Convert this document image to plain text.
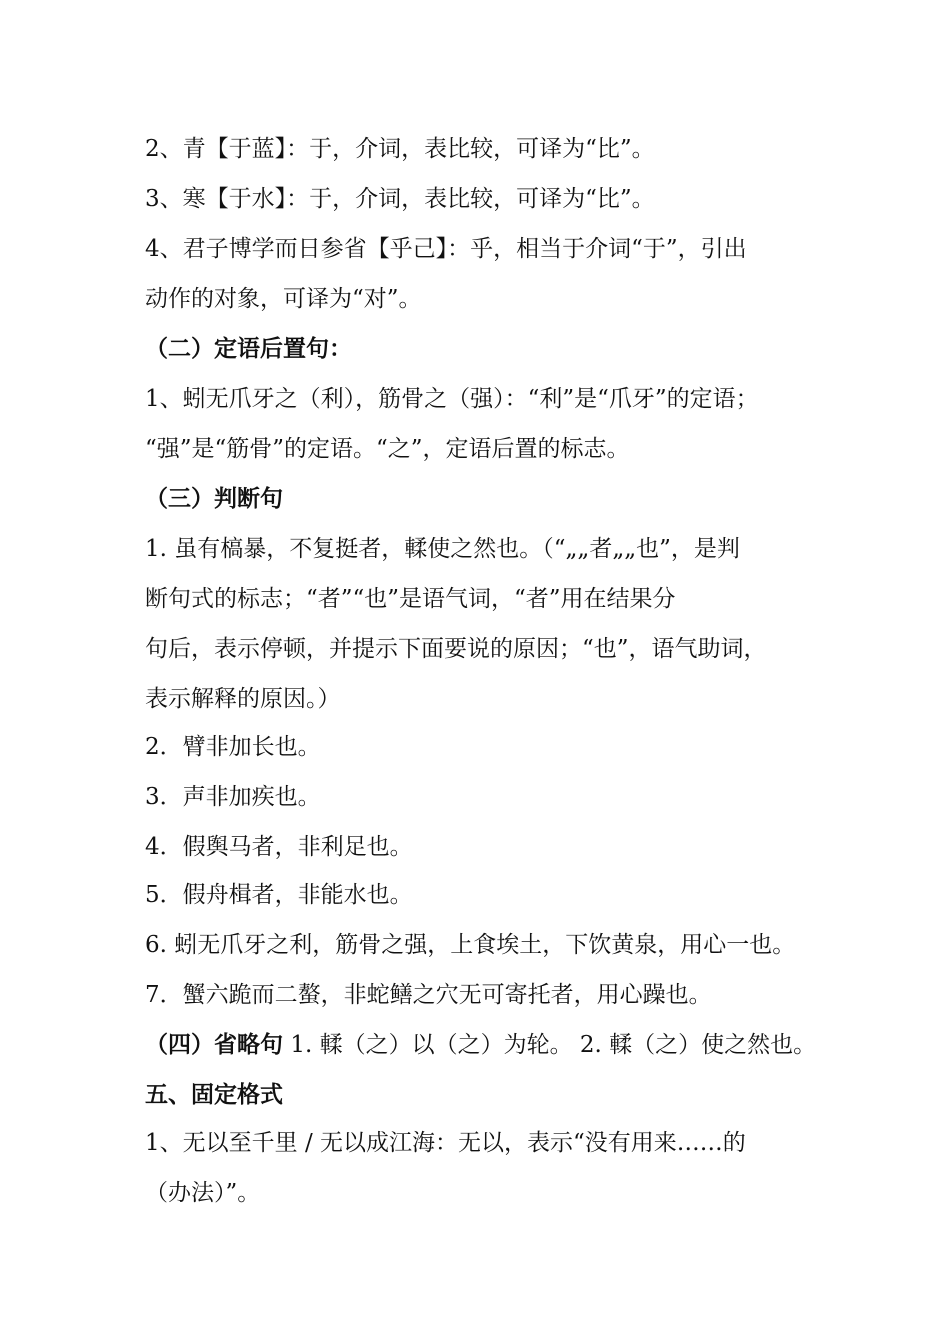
2、青【于蓝】：于，介词，表比较，可译为“比”。
3、寒【于水】：于，介词，表比较，可译为“比”。
4、君子博学而日参省【乎己】：乎，相当于介词“于”，引出
动作的对象，可译为“对”。
（二）定语后置句：
1、蚓无爪牙之（利），筋骨之（强）：“利”是“爪牙”的定语；
“强”是“筋骨”的定语。“之”，定语后置的标志。
（三）判断句
1. 虽有槁暴，不复挺者，輮使之然也。（“„„者„„也”，是判
断句式的标志；“者”“也”是语气词，“者”用在结果分
句后，表示停顿，并提示下面要说的原因；“也”，语气助词，
表示解释的原因。）
2．臂非加长也。
3．声非加疾也。
4．假舆马者，非利足也。
5．假舟楫者，非能水也。
6. 蚓无爪牙之利，筋骨之强，上食埃土，下饮黄泉，用心一也。
7．蟹六跪而二螯，非蛇鳝之穴无可寄托者，用心躁也。
（四）省略句 1. 輮（之）以（之）为轮。 2. 輮（之）使之然也。
五、固定格式
1、无以至千里 / 无以成江海：无以，表示“没有用来……的
（办法）”。
